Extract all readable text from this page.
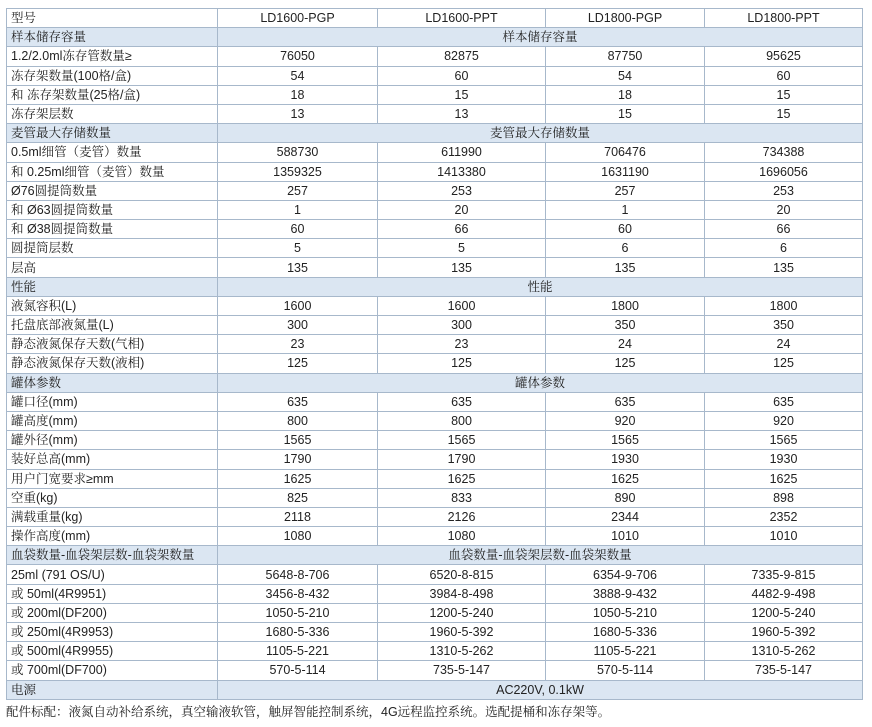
型号	LD1600-PGP	LD1600-PPT	LD1800-PGP	LD1800-PPT
样本储存容量	样本储存容量			
1.2/2.0ml冻存管数量≥	76050	82875	87750	95625
冻存架数量(100格/盒)	54	60	54	60
和 冻存架数量(25格/盒)	18	15	18	15
冻存架层数	13	13	15	15
麦管最大存储数量	麦管最大存储数量			
0.5ml细管（麦管）数量	588730	611990	706476	734388
和 0.25ml细管（麦管）数量	1359325	1413380	1631190	1696056
Ø76圆提筒数量	257	253	257	253
和 Ø63圆提筒数量	1	20	1	20
和 Ø38圆提筒数量	60	66	60	66
圆提筒层数	5	5	6	6
层高	135	135	135	135
性能	性能			
液氮容积(L)	1600	1600	1800	1800
托盘底部液氮量(L)	300	300	350	350
静态液氮保存天数(气相)	23	23	24	24
静态液氮保存天数(液相)	125	125	125	125
罐体参数	罐体参数			
罐口径(mm)	635	635	635	635
罐高度(mm)	800	800	920	920
罐外径(mm)	1565	1565	1565	1565
装好总高(mm)	1790	1790	1930	1930
用户门宽要求≥mm	1625	1625	1625	1625
空重(kg)	825	833	890	898
满载重量(kg)	2118	2126	2344	2352
操作高度(mm)	1080	1080	1010	1010
血袋数量-血袋架层数-血袋架数量	血袋数量-血袋架层数-血袋架数量			
25ml (791 OS/U)	5648-8-706	6520-8-815	6354-9-706	7335-9-815
或 50ml(4R9951)	3456-8-432	3984-8-498	3888-9-432	4482-9-498
或 200ml(DF200)	1050-5-210	1200-5-240	1050-5-210	1200-5-240
或 250ml(4R9953)	1680-5-336	1960-5-392	1680-5-336	1960-5-392
或 500ml(4R9955)	1105-5-221	1310-5-262	1105-5-221	1310-5-262
或 700ml(DF700)	570-5-114	735-5-147	570-5-114	735-5-147
电源	AC220V, 0.1kW			
配件标配：液氮自动补给系统，真空输液软管，触屏智能控制系统，4G远程监控系统。选配提桶和冻存架等。
